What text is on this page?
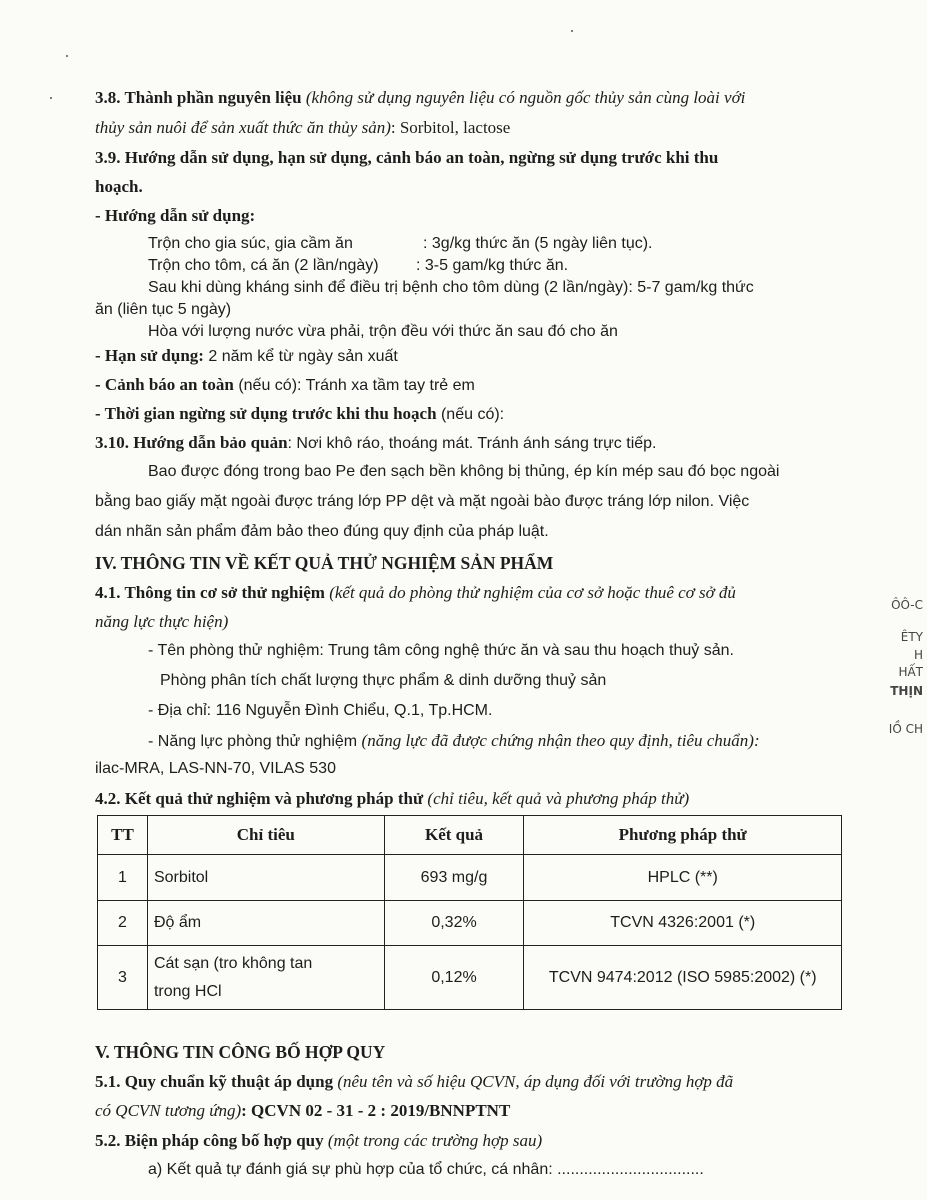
3.8. Thành phần nguyên liệu (không sử dụng nguyên liệu có nguồn gốc thủy sản cùng loài với
thủy sản nuôi để sản xuất thức ăn thủy sản): Sorbitol, lactose
3.9. Hướng dẫn sử dụng, hạn sử dụng, cảnh báo an toàn, ngừng sử dụng trước khi thu
hoạch.
- Hướng dẫn sử dụng:
Trộn cho gia súc, gia cầm ăn	: 3g/kg thức ăn (5 ngày liên tục).
Trộn cho tôm, cá ăn (2 lần/ngày) : 3-5 gam/kg thức ăn.
Sau khi dùng kháng sinh để điều trị bệnh cho tôm dùng (2 lần/ngày): 5-7 gam/kg thức
ăn (liên tục 5 ngày)
Hòa với lượng nước vừa phải, trộn đều với thức ăn sau đó cho ăn
- Hạn sử dụng: 2 năm kể từ ngày sản xuất
- Cảnh báo an toàn (nếu có): Tránh xa tầm tay trẻ em
- Thời gian ngừng sử dụng trước khi thu hoạch (nếu có):
3.10. Hướng dẫn bảo quản: Nơi khô ráo, thoáng mát. Tránh ánh sáng trực tiếp.
Bao được đóng trong bao Pe đen sạch bền không bị thủng, ép kín mép sau đó bọc ngoài
bằng bao giấy mặt ngoài được tráng lớp PP dệt và mặt ngoài bào được tráng lớp nilon. Việc
dán nhãn sản phẩm đảm bảo theo đúng quy định của pháp luật.
IV. THÔNG TIN VỀ KẾT QUẢ THỬ NGHIỆM SẢN PHẨM
4.1. Thông tin cơ sở thử nghiệm (kết quả do phòng thử nghiệm của cơ sở hoặc thuê cơ sở đủ
năng lực thực hiện)
- Tên phòng thử nghiệm: Trung tâm công nghệ thức ăn và sau thu hoạch thuỷ sản.
Phòng phân tích chất lượng thực phẩm & dinh dưỡng thuỷ sản
- Địa chỉ: 116 Nguyễn Đình Chiểu, Q.1, Tp.HCM.
- Năng lực phòng thử nghiệm (năng lực đã được chứng nhận theo quy định, tiêu chuẩn):
ilac-MRA, LAS-NN-70, VILAS 530
4.2. Kết quả thử nghiệm và phương pháp thử (chỉ tiêu, kết quả và phương pháp thử)
TT	Chỉ tiêu	Kết quả	Phương pháp thử
1	Sorbitol	693 mg/g	HPLC (**)
2	Độ ẩm	0,32%	TCVN 4326:2001 (*)
3	Cát sạn (tro không tan
trong HCl	0,12%	TCVN 9474:2012 (ISO 5985:2002) (*)
V. THÔNG TIN CÔNG BỐ HỢP QUY
5.1. Quy chuẩn kỹ thuật áp dụng (nêu tên và số hiệu QCVN, áp dụng đối với trường hợp đã
có QCVN tương ứng): QCVN 02 - 31 - 2 : 2019/BNNPTNT
5.2. Biện pháp công bố hợp quy (một trong các trường hợp sau)
a) Kết quả tự đánh giá sự phù hợp của tổ chức, cá nhân: .................................
ÔÔ-C
ÊTY
H
HẤT
THỊN
IỒ CH
